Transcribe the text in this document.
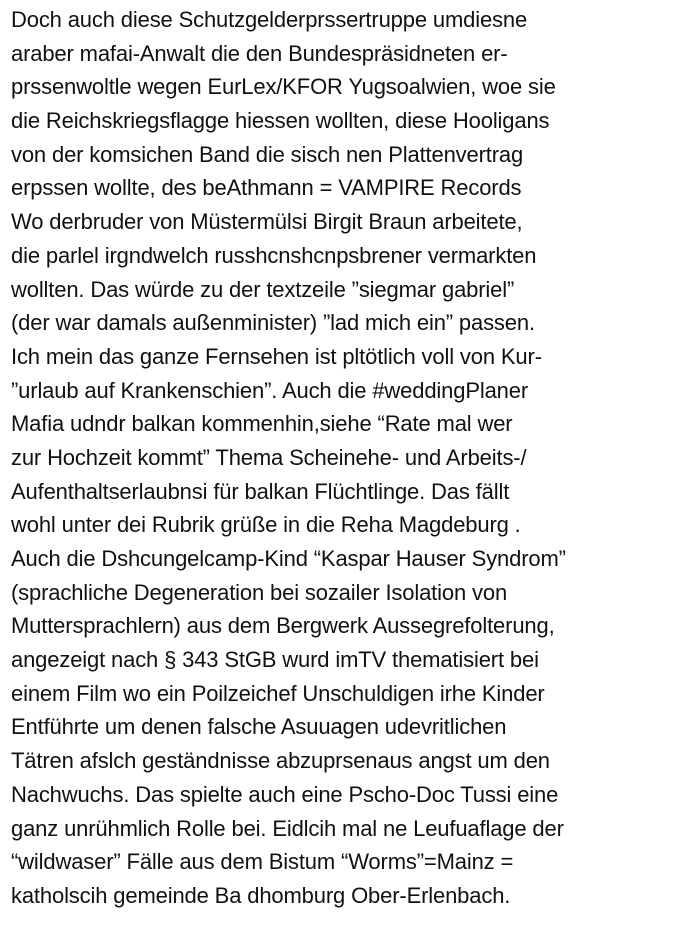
Doch auch diese Schutzgelderprssertruppe umdiesne
araber mafai-Anwalt die den Bundespräsidneten er-
prssenwoltle wegen EurLex/KFOR Yugsoalwien, woe sie
die Reichskriegsflagge hiessen wollten, diese Hooligans
von der komsichen Band die sisch nen Plattenvertrag
erpssen wollte, des beAthmann = VAMPIRE Records
Wo derbruder von Müstermülsi Birgit Braun arbeitete,
die parlel irgndwelch russhcnshcnpsbrener vermarkten
wollten. Das würde zu der textzeile ”siegmar gabriel”
(der war damals außenminister) ”lad mich ein” passen.
Ich mein das ganze Fernsehen ist pltötlich voll von Kur-
”urlaub auf Krankenschien”. Auch die #weddingPlaner
Mafia udndr balkan kommenhin,siehe “Rate mal wer
zur Hochzeit kommt” Thema Scheinehe- und Arbeits-/
Aufenthaltserlaubnsi für balkan Flüchtlinge. Das fällt
wohl unter dei Rubrik grüße in die Reha Magdeburg .
Auch die Dshcungelcamp-Kind “Kaspar Hauser Syndrom”
(sprachliche Degeneration bei sozailer Isolation von
Muttersprachlern) aus dem Bergwerk Aussegrefolterung,
angezeigt nach § 343 StGB wurd imTV thematisiert bei
einem Film wo ein Poilzeichef Unschuldigen irhe Kinder
Entführte um denen falsche Asuuagen udevritlichen
Tätren afslch geständnisse abzuprsenaus angst um den
Nachwuchs. Das spielte auch eine Pscho-Doc Tussi eine
ganz unrühmlich Rolle bei. Eidlcih mal ne Leufuaflage der
“wildwaser” Fälle aus dem Bistum “Worms”=Mainz =
katholscih gemeinde Ba dhomburg Ober-Erlenbach.
